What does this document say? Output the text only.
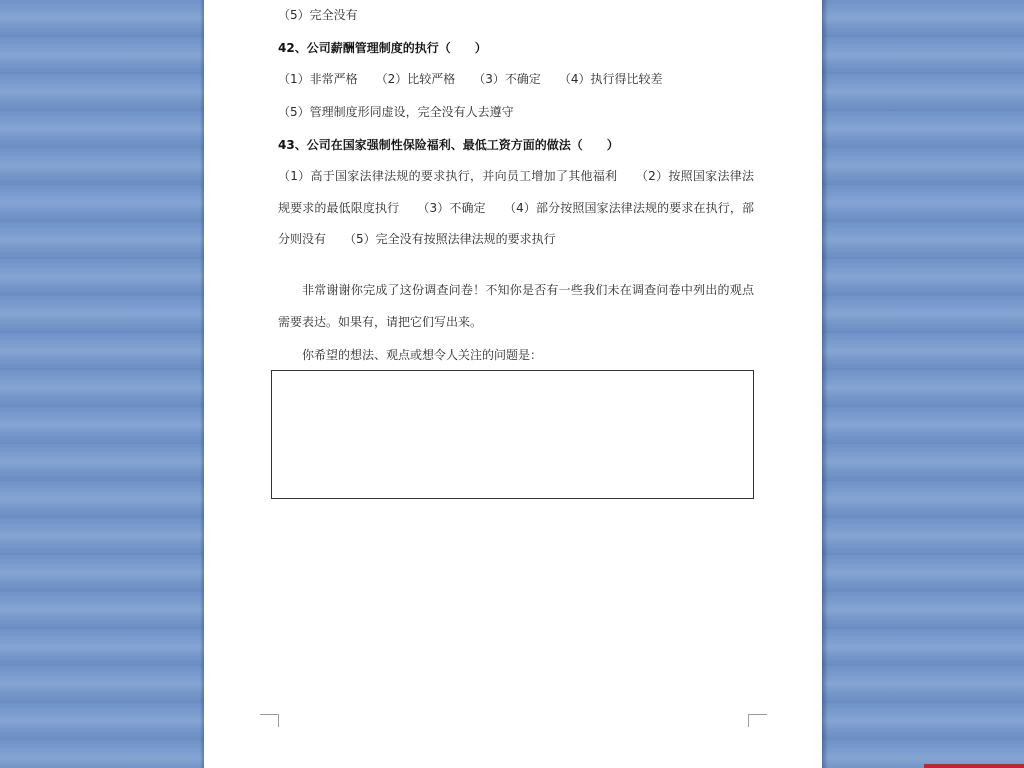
（5）完全没有
42、公司薪酬管理制度的执行（　　）
（1）非常严格　　（2）比较严格　　（3）不确定　　（4）执行得比较差
（5）管理制度形同虚设，完全没有人去遵守
43、公司在国家强制性保险福利、最低工资方面的做法（　　）
（1）高于国家法律法规的要求执行，并向员工增加了其他福利　　（2）按照国家法律法规要求的最低限度执行　　（3）不确定　　（4）部分按照国家法律法规的要求在执行，部分则没有　　（5）完全没有按照法律法规的要求执行
非常谢谢你完成了这份调查问卷！不知你是否有一些我们未在调查问卷中列出的观点需要表达。如果有，请把它们写出来。
你希望的想法、观点或想令人关注的问题是：
